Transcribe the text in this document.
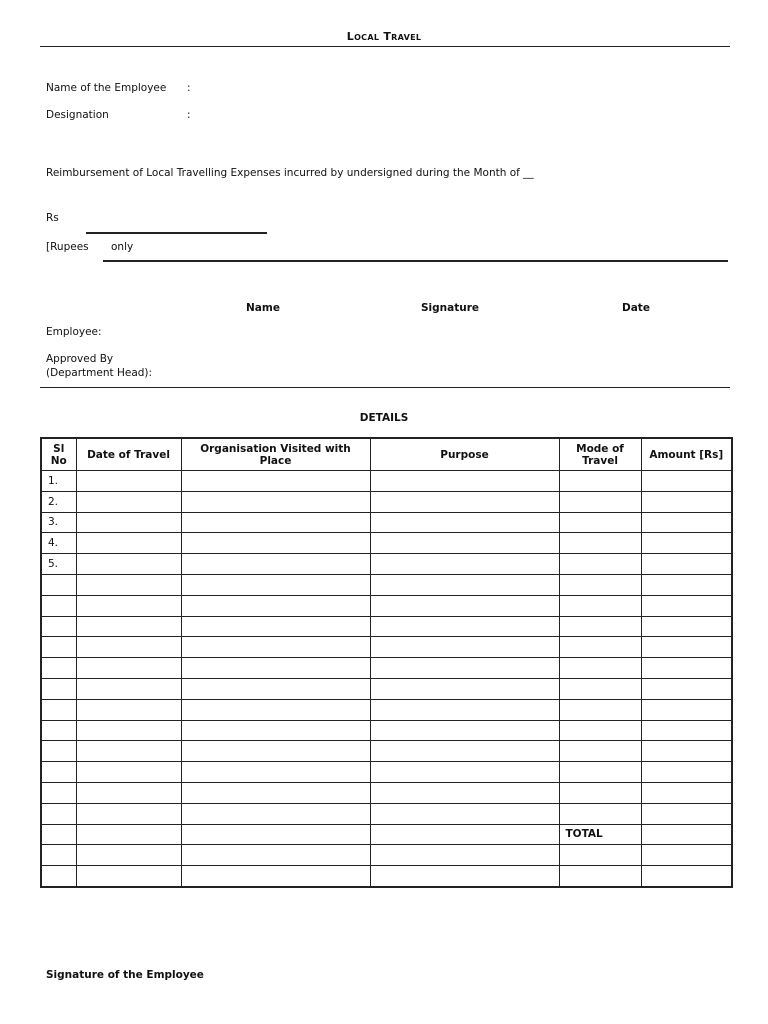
Local Travel
Name of the Employee :
Designation	:
Reimbursement of Local Travelling Expenses incurred by undersigned during the Month of __
Rs
[Rupees only
Name	Signature	Date
Employee:
Approved By
(Department Head):
DETAILS
Sl No	Date of Travel	Organisation Visited with Place	Purpose	Mode of Travel	Amount [Rs]
1.					
2.					
3.					
4.					
5.					

				TOTAL	

Signature of the Employee
